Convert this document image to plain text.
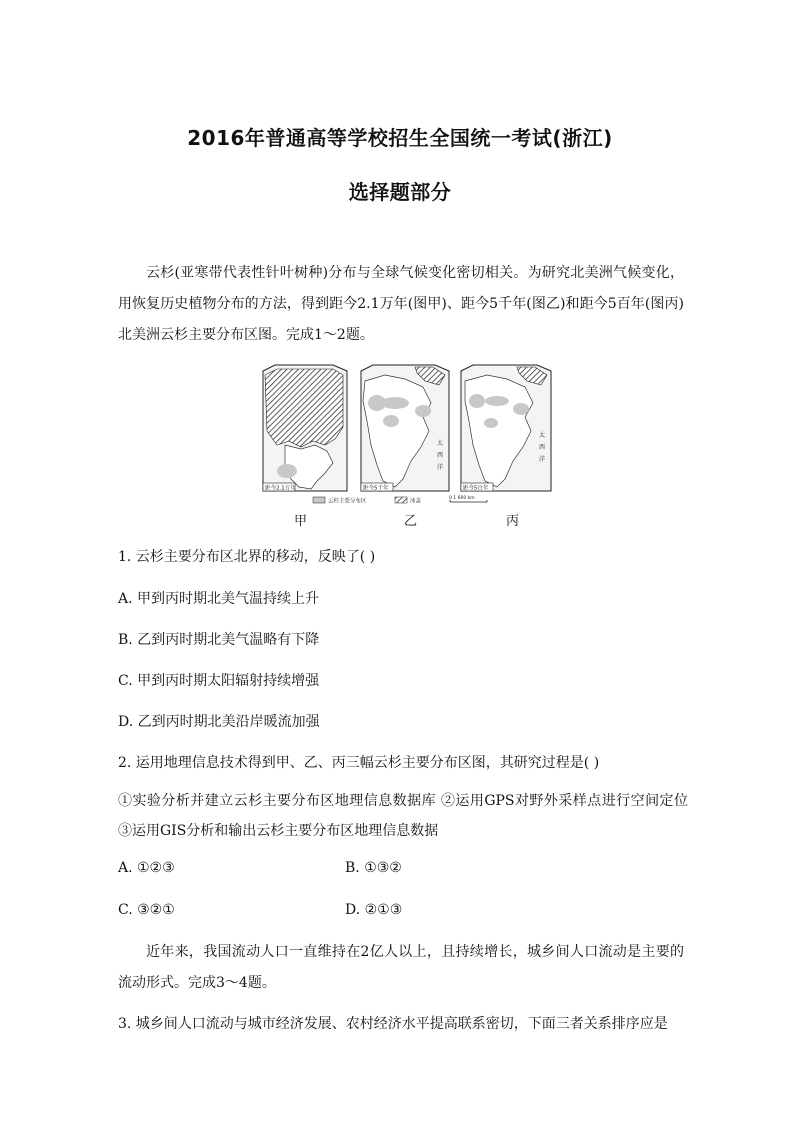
2016年普通高等学校招生全国统一考试(浙江)
选择题部分
云杉(亚寒带代表性针叶树种)分布与全球气候变化密切相关。为研究北美洲气候变化，用恢复历史植物分布的方法，得到距今2.1万年(图甲)、距今5千年(图乙)和距今5百年(图丙)北美洲云杉主要分布区图。完成1～2题。
距今2.1万年
太
西
洋
距今5千年
太
西
洋
距今5百年
云杉主要分布区	冰盖	0 1 600 km
甲	乙	丙
1. 云杉主要分布区北界的移动，反映了( )
A. 甲到丙时期北美气温持续上升
B. 乙到丙时期北美气温略有下降
C. 甲到丙时期太阳辐射持续增强
D. 乙到丙时期北美沿岸暖流加强
2. 运用地理信息技术得到甲、乙、丙三幅云杉主要分布区图，其研究过程是( )
①实验分析并建立云杉主要分布区地理信息数据库 ②运用GPS对野外采样点进行空间定位 ③运用GIS分析和输出云杉主要分布区地理信息数据
A. ①②③	B. ①③②
C. ③②①	D. ②①③
近年来，我国流动人口一直维持在2亿人以上，且持续增长，城乡间人口流动是主要的流动形式。完成3～4题。
3. 城乡间人口流动与城市经济发展、农村经济水平提高联系密切，下面三者关系排序应是
